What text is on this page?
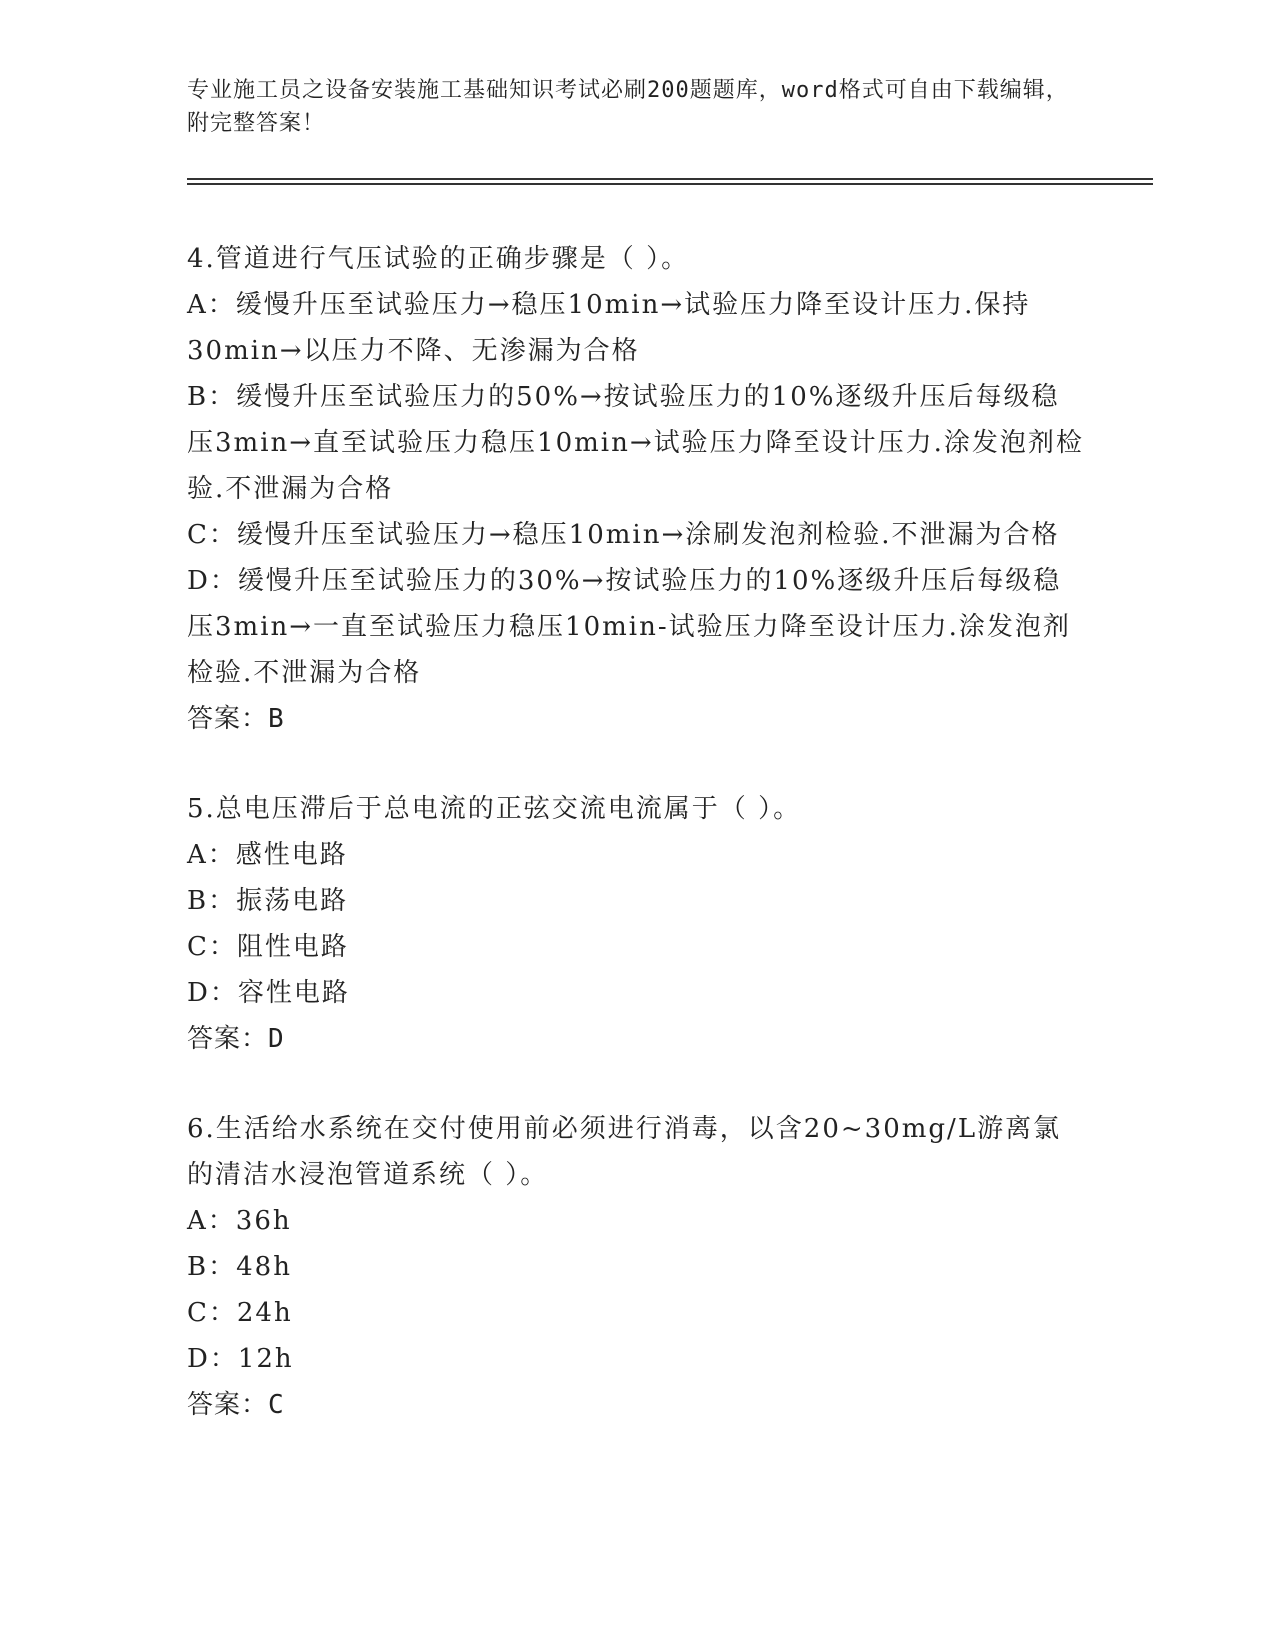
专业施工员之设备安装施工基础知识考试必刷200题题库，word格式可自由下载编辑，附完整答案！

4.管道进行气压试验的正确步骤是（ ）。

A：缓慢升压至试验压力→稳压10min→试验压力降至设计压力.保持30min→以压力不降、无渗漏为合格

B：缓慢升压至试验压力的50%→按试验压力的10%逐级升压后每级稳压3min→直至试验压力稳压10min→试验压力降至设计压力.涂发泡剂检验.不泄漏为合格

C：缓慢升压至试验压力→稳压10min→涂刷发泡剂检验.不泄漏为合格

D：缓慢升压至试验压力的30%→按试验压力的10%逐级升压后每级稳压3min→一直至试验压力稳压10min-试验压力降至设计压力.涂发泡剂检验.不泄漏为合格

答案：B

5.总电压滞后于总电流的正弦交流电流属于（ ）。

A：感性电路

B：振荡电路

C：阻性电路

D：容性电路

答案：D

6.生活给水系统在交付使用前必须进行消毒，以含20~30mg/L游离氯的清洁水浸泡管道系统（ ）。

A：36h

B：48h

C：24h

D：12h

答案：C
